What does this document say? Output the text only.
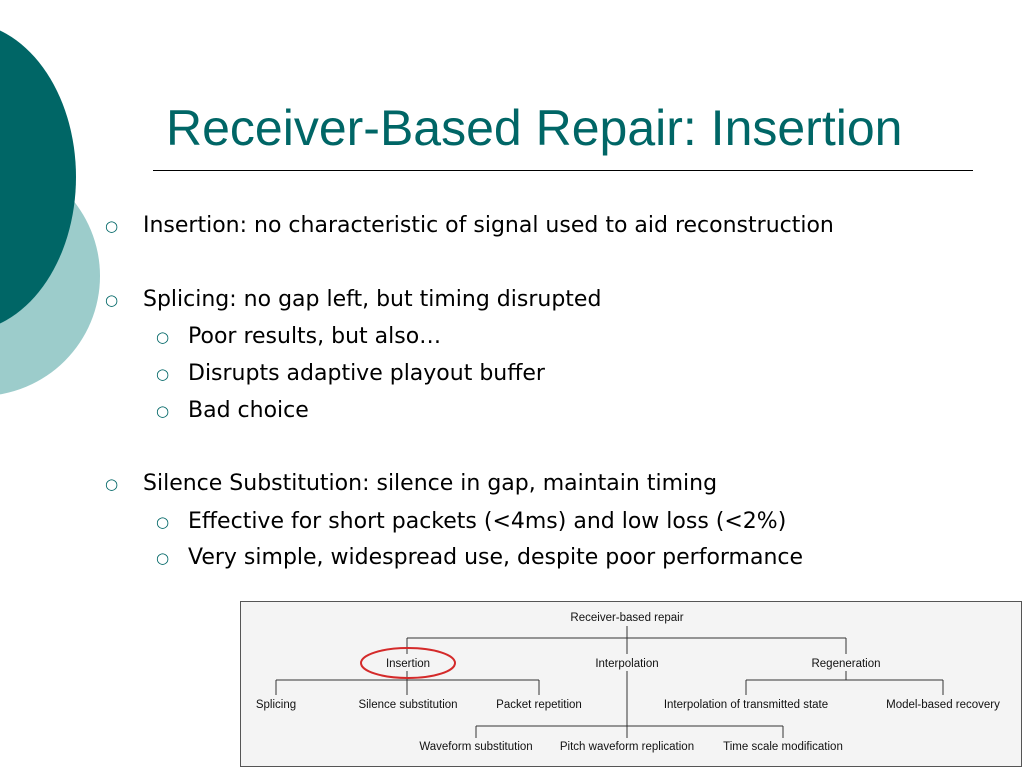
Receiver-Based Repair: Insertion
○ Insertion: no characteristic of signal used to aid reconstruction
○ Splicing: no gap left, but timing disrupted
○ Poor results, but also…
○ Disrupts adaptive playout buffer
○ Bad choice
○ Silence Substitution: silence in gap, maintain timing
○ Effective for short packets (<4ms) and low loss (<2%)
○ Very simple, widespread use, despite poor performance
Receiver-based repair
Insertion	Interpolation	Regeneration
Splicing	Silence substitution	Packet repetition	Interpolation of transmitted state	Model-based recovery
Waveform substitution Pitch waveform replication	Time scale modification
